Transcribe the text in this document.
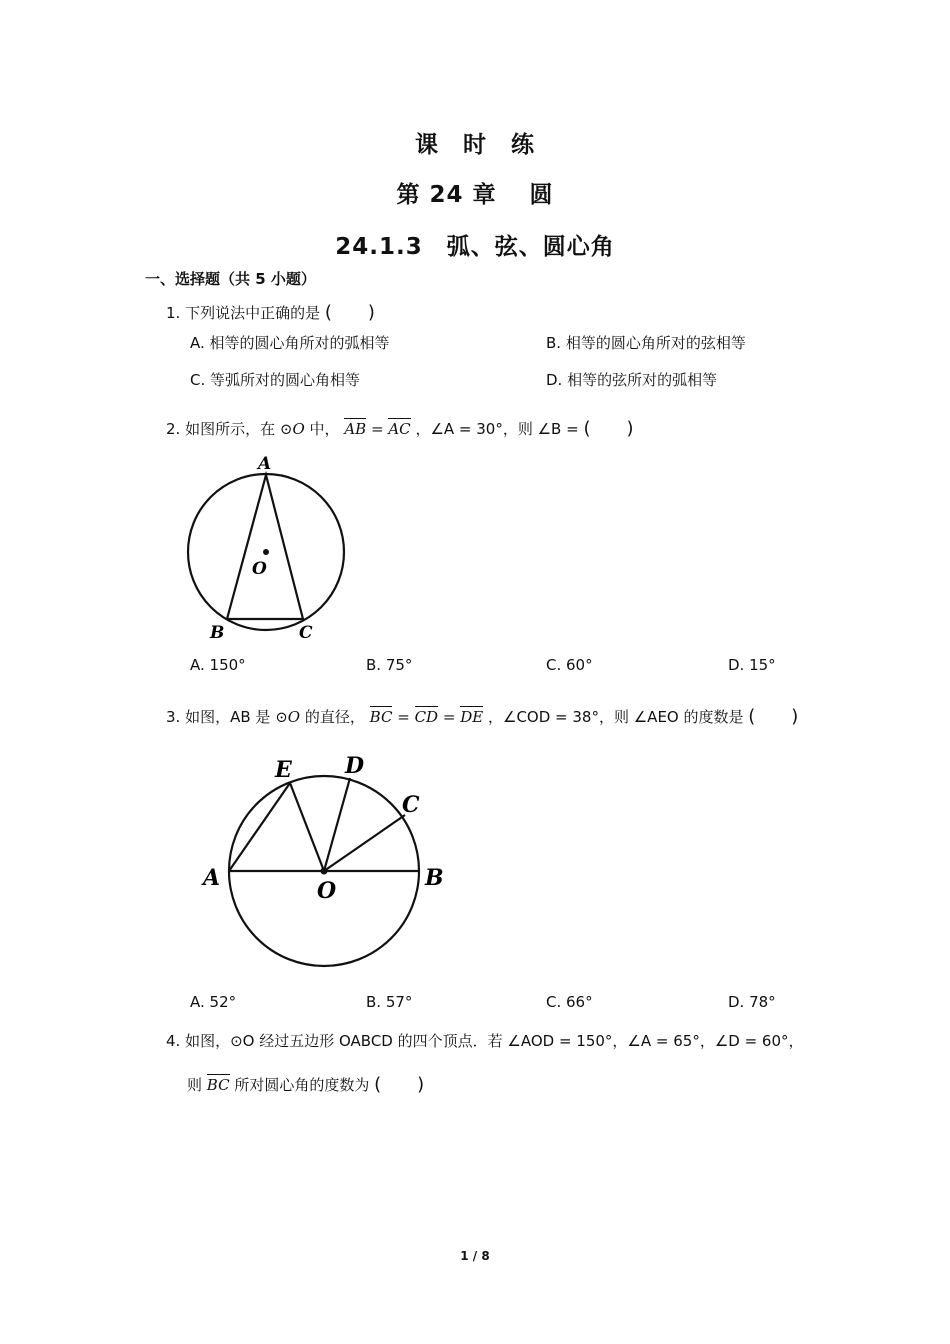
课　时　练
第 24 章　 圆
24.1.3　弧、弦、圆心角
一、选择题（共 5 小题）
1. 下列说法中正确的是 (　　)
A. 相等的圆心角所对的弧相等	B. 相等的圆心角所对的弦相等
C. 等弧所对的圆心角相等	D. 相等的弦所对的弧相等
2. 如图所示，在 ⊙O 中， AB = AC ，∠A = 30°，则 ∠B = (　　)
A
B	C
O
A. 150°	B. 75°	C. 60°	D. 15°
3. 如图，AB 是 ⊙O 的直径， BC = CD = DE ，∠COD = 38°，则 ∠AEO 的度数是 (　　)
E D
C
A	B
O
A. 52°	B. 57°	C. 66°	D. 78°
4. 如图，⊙O 经过五边形 OABCD 的四个顶点．若 ∠AOD = 150°，∠A = 65°，∠D = 60°，
则 BC 所对圆心角的度数为 (　　)
1 / 8
